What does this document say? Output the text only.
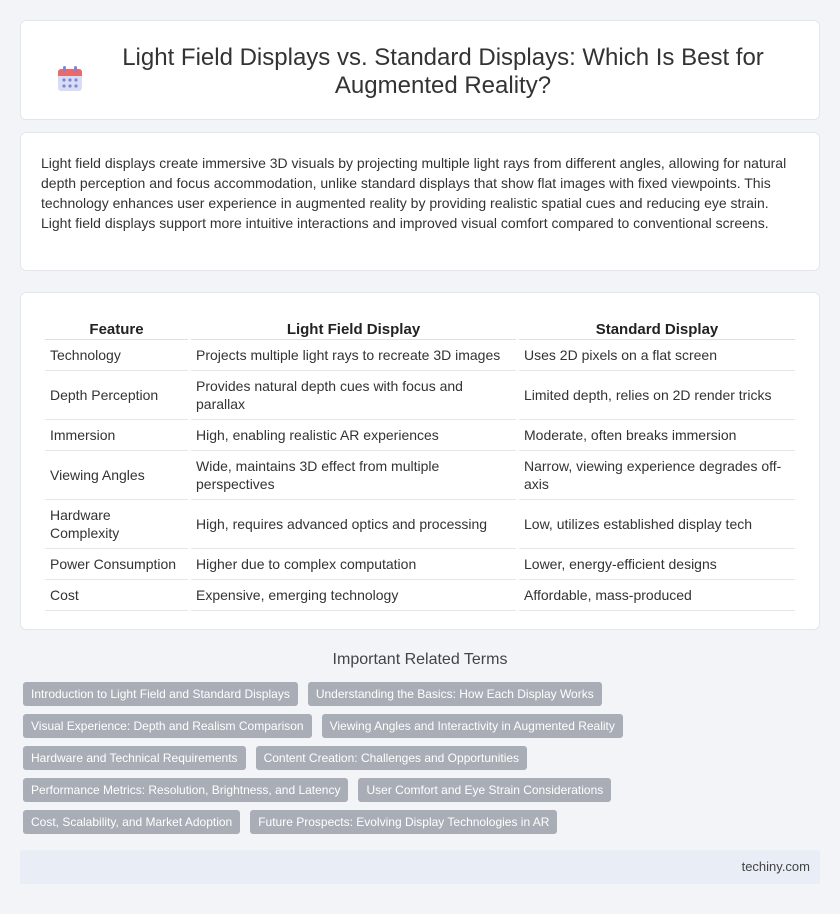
Light Field Displays vs. Standard Displays: Which Is Best for Augmented Reality?

Light field displays create immersive 3D visuals by projecting multiple light rays from different angles, allowing for natural depth perception and focus accommodation, unlike standard displays that show flat images with fixed viewpoints. This technology enhances user experience in augmented reality by providing realistic spatial cues and reducing eye strain. Light field displays support more intuitive interactions and improved visual comfort compared to conventional screens.

Feature	Light Field Display	Standard Display
Technology	Projects multiple light rays to recreate 3D images	Uses 2D pixels on a flat screen
Depth Perception	Provides natural depth cues with focus and parallax	Limited depth, relies on 2D render tricks
Immersion	High, enabling realistic AR experiences	Moderate, often breaks immersion
Viewing Angles	Wide, maintains 3D effect from multiple perspectives	Narrow, viewing experience degrades off-axis
Hardware Complexity	High, requires advanced optics and processing	Low, utilizes established display tech
Power Consumption	Higher due to complex computation	Lower, energy-efficient designs
Cost	Expensive, emerging technology	Affordable, mass-produced
Important Related Terms
Introduction to Light Field and Standard Displays	Understanding the Basics: How Each Display Works
Visual Experience: Depth and Realism Comparison	Viewing Angles and Interactivity in Augmented Reality
Hardware and Technical Requirements	Content Creation: Challenges and Opportunities
Performance Metrics: Resolution, Brightness, and Latency	User Comfort and Eye Strain Considerations
Cost, Scalability, and Market Adoption	Future Prospects: Evolving Display Technologies in AR
techiny.com
